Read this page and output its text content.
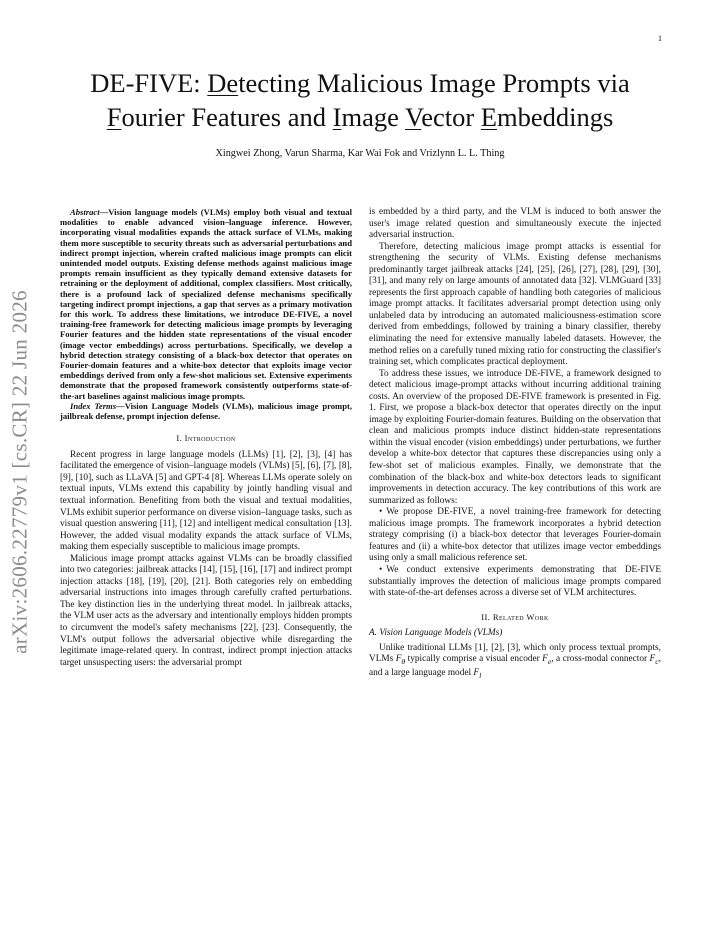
1
arXiv:2606.22779v1 [cs.CR] 22 Jun 2026
DE-FIVE: Detecting Malicious Image Prompts via
Fourier Features and Image Vector Embeddings
Xingwei Zhong, Varun Sharma, Kar Wai Fok and Vrizlynn L. L. Thing

Abstract—Vision language models (VLMs) employ both visual and textual modalities to enable advanced vision–language inference. However, incorporating visual modalities expands the attack surface of VLMs, making them more susceptible to security threats such as adversarial perturbations and indirect prompt injection, wherein crafted malicious image prompts can elicit unintended model outputs. Existing defense methods against malicious image prompts remain insufficient as they typically demand extensive datasets for retraining or the deployment of additional, complex classifiers. Most critically, there is a profound lack of specialized defense mechanisms specifically targeting indirect prompt injections, a gap that serves as a primary motivation for this work. To address these limitations, we introduce DE-FIVE, a novel training-free framework for detecting malicious image prompts by leveraging Fourier features and the hidden state representations of the visual encoder (image vector embeddings) across perturbations. Specifically, we develop a hybrid detection strategy consisting of a black-box detector that operates on Fourier-domain features and a white-box detector that exploits image vector embeddings derived from only a few-shot malicious set. Extensive experiments demonstrate that the proposed framework consistently outperforms state-of-the-art baselines against malicious image prompts.

Index Terms—Vision Language Models (VLMs), malicious image prompt, jailbreak defense, prompt injection defense.

I. Introduction

Recent progress in large language models (LLMs) [1], [2], [3], [4] has facilitated the emergence of vision–language models (VLMs) [5], [6], [7], [8], [9], [10], such as LLaVA [5] and GPT-4 [8]. Whereas LLMs operate solely on textual inputs, VLMs extend this capability by jointly handling visual and textual information. Benefiting from both the visual and textual modalities, VLMs exhibit superior performance on diverse vision–language tasks, such as visual question answering [11], [12] and intelligent medical consultation [13]. However, the added visual modality expands the attack surface of VLMs, making them especially susceptible to malicious image prompts.

Malicious image prompt attacks against VLMs can be broadly classified into two categories: jailbreak attacks [14], [15], [16], [17] and indirect prompt injection attacks [18], [19], [20], [21]. Both categories rely on embedding adversarial instructions into images through carefully crafted perturbations. The key distinction lies in the underlying threat model. In jailbreak attacks, the VLM user acts as the adversary and intentionally employs hidden prompts to circumvent the model's safety mechanisms [22], [23]. Consequently, the VLM's output follows the adversarial objective while disregarding the legitimate image-related query. In contrast, indirect prompt injection attacks target unsuspecting users: the adversarial prompt

is embedded by a third party, and the VLM is induced to both answer the user's image related question and simultaneously execute the injected adversarial instruction.

Therefore, detecting malicious image prompt attacks is essential for strengthening the security of VLMs. Existing defense mechanisms predominantly target jailbreak attacks [24], [25], [26], [27], [28], [29], [30], [31], and many rely on large amounts of annotated data [32]. VLMGuard [33] represents the first approach capable of handling both categories of malicious image prompt attacks. It facilitates adversarial prompt detection using only unlabeled data by introducing an automated maliciousness-estimation score derived from embeddings, followed by training a binary classifier, thereby eliminating the need for extensive manually labeled datasets. However, the method relies on a carefully tuned mixing ratio for constructing the classifier's training set, which complicates practical deployment.

To address these issues, we introduce DE-FIVE, a framework designed to detect malicious image-prompt attacks without incurring additional training costs. An overview of the proposed DE-FIVE framework is presented in Fig. 1. First, we propose a black-box detector that operates directly on the input image by exploiting Fourier-domain features. Building on the observation that clean and malicious prompts induce distinct hidden-state representations within the visual encoder (vision embeddings) under perturbations, we further develop a white-box detector that captures these discrepancies using only a few-shot set of malicious examples. Finally, we demonstrate that the combination of the black-box and white-box detectors leads to significant improvements in detection accuracy. The key contributions of this work are summarized as follows:

• We propose DE-FIVE, a novel training-free framework for detecting malicious image prompts. The framework incorporates a hybrid detection strategy comprising (i) a black-box detector that leverages Fourier-domain features and (ii) a white-box detector that utilizes image vector embeddings using only a small malicious reference set.
• We conduct extensive experiments demonstrating that DE-FIVE substantially improves the detection of malicious image prompts compared with state-of-the-art defenses across a diverse set of VLM architectures.
II. Related Work
A. Vision Language Models (VLMs)

Unlike traditional LLMs [1], [2], [3], which only process textual prompts, VLMs $F_\theta$ typically comprise a visual encoder $F_e$, a cross-modal connector $F_c$, and a large language model $F_l$
